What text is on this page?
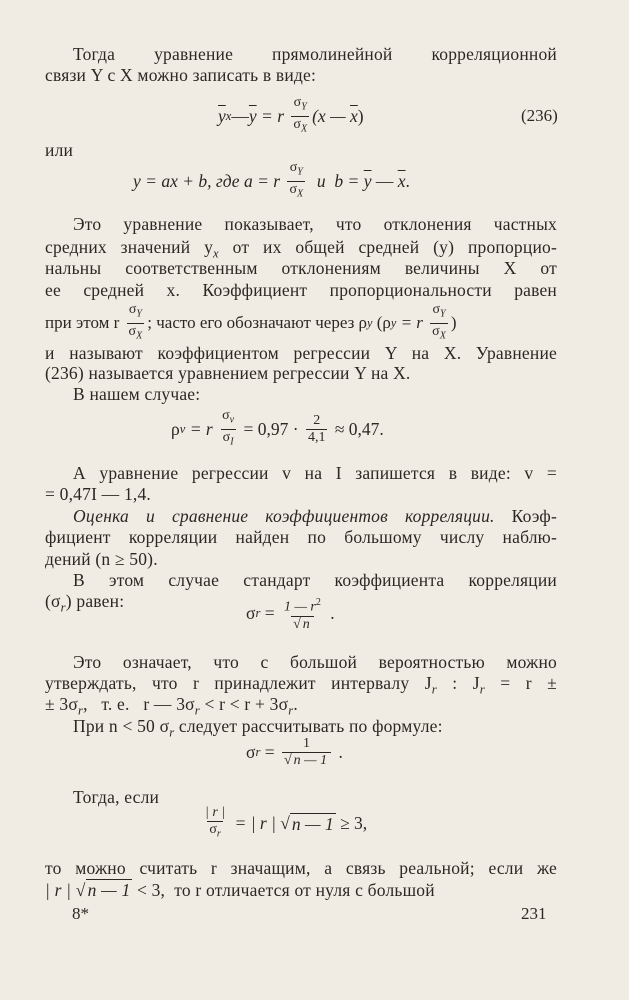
Тогда уравнение прямолинейной корреляционной

связи Y с X можно записать в виде:

$\overline{y}$ x — $\overline{y} = r \frac{\sigma_Y}{\sigma_X} (x$ — $\overline{x}$ )	(236)

или

y = ax + b, где a = r $\frac{\sigma_Y}{\sigma_X}$ и  $b = \overline{y}$ — $\overline{x}$ .

Это уравнение показывает, что отклонения частных

средних значений $y_x$ от их общей средней (y) пропорцио-

нальны соответственным отклонениям величины X от

ее средней x. Коэффициент пропорциональности равен

при этом r $\frac{\sigma_Y}{\sigma_X}$ ; часто его обозначают через ρ y (ρ y = r $\frac{\sigma_Y}{\sigma_X}$ )

и называют коэффициентом регрессии Y на X. Уравнение

(236) называется уравнением регрессии Y на X.

В нашем случае:

ρ v = r $\frac{\sigma_v}{\sigma_I} = 0,97 \cdot \frac{2}{4,1} \approx 0,47$.

А уравнение регрессии v на I запишется в виде: v =

= 0,47I — 1,4.

Оценка и сравнение коэффициентов корреляции. Коэф-

фициент корреляции найден по большому числу наблю-

дений (n ≥ 50).

В этом случае стандарт коэффициента корреляции

$(\sigma_r)$ равен:

σ $r = \frac{1 — r^2}{√ n}$ .

Это означает, что с большой вероятностью можно

утверждать, что r принадлежит интервалу $J_r$ : $J_r = r$ ±

± $3\sigma_r$,   т. е.   r — $3\sigma_r < r < r + 3\sigma_r$.

При n < 50 $\sigma_r$ следует рассчитывать по формуле:

σ $r = \frac{1}{√ n — 1}$ .

Тогда, если

$\frac{| r |}{\sigma_r}$ = | r | √ n — 1 ≥ 3,

то можно считать r значащим, а связь реальной; если же

| r | √ n — 1 < 3,  то r отличается от нуля с большой

8*	231
